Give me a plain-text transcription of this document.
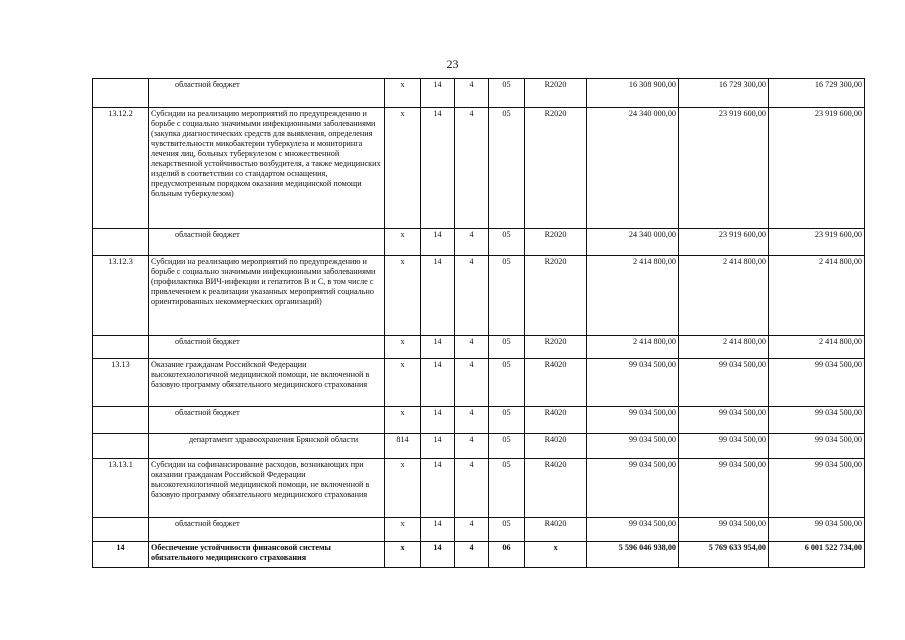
23
	областной бюджет	x	14	4	05	R2020	16 308 900,00	16 729 300,00	16 729 300,00
13.12.2	Субсидии на реализацию мероприятий по предупреждению и борьбе с социально значимыми инфекционными заболеваниями (закупка диагностических средств для выявления, определения чувствительности микобактерии туберкулеза и мониторинга лечения лиц, больных туберкулезом с множественной лекарственной устойчивостью возбудителя, а также медицинских изделий в соответствии со стандартом оснащения, предусмотренным порядком оказания медицинской помощи больным туберкулезом)	x	14	4	05	R2020	24 340 000,00	23 919 600,00	23 919 600,00
	областной бюджет	x	14	4	05	R2020	24 340 000,00	23 919 600,00	23 919 600,00
13.12.3	Субсидии на реализацию мероприятий по предупреждению и борьбе с социально значимыми инфекционными заболеваниями (профилактика ВИЧ-инфекции и гепатитов В и С, в том числе с привлечением к реализации указанных мероприятий социально ориентированных некоммерческих организаций)	x	14	4	05	R2020	2 414 800,00	2 414 800,00	2 414 800,00
	областной бюджет	x	14	4	05	R2020	2 414 800,00	2 414 800,00	2 414 800,00
13.13	Оказание гражданам Российской Федерации высокотехнологичной медицинской помощи, не включенной в базовую программу обязательного медицинского страхования	x	14	4	05	R4020	99 034 500,00	99 034 500,00	99 034 500,00
	областной бюджет	x	14	4	05	R4020	99 034 500,00	99 034 500,00	99 034 500,00
	департамент здравоохранения Брянской области	814	14	4	05	R4020	99 034 500,00	99 034 500,00	99 034 500,00
13.13.1	Субсидии на софинансирование расходов, возникающих при оказании гражданам Российской Федерации высокотехнологичной медицинской помощи, не включенной в базовую программу обязательного медицинского страхования	x	14	4	05	R4020	99 034 500,00	99 034 500,00	99 034 500,00
	областной бюджет	x	14	4	05	R4020	99 034 500,00	99 034 500,00	99 034 500,00
14	Обеспечение устойчивости финансовой системы обязательного медицинского страхования	x	14	4	06	x	5 596 046 938,00	5 769 633 954,00	6 001 522 734,00
